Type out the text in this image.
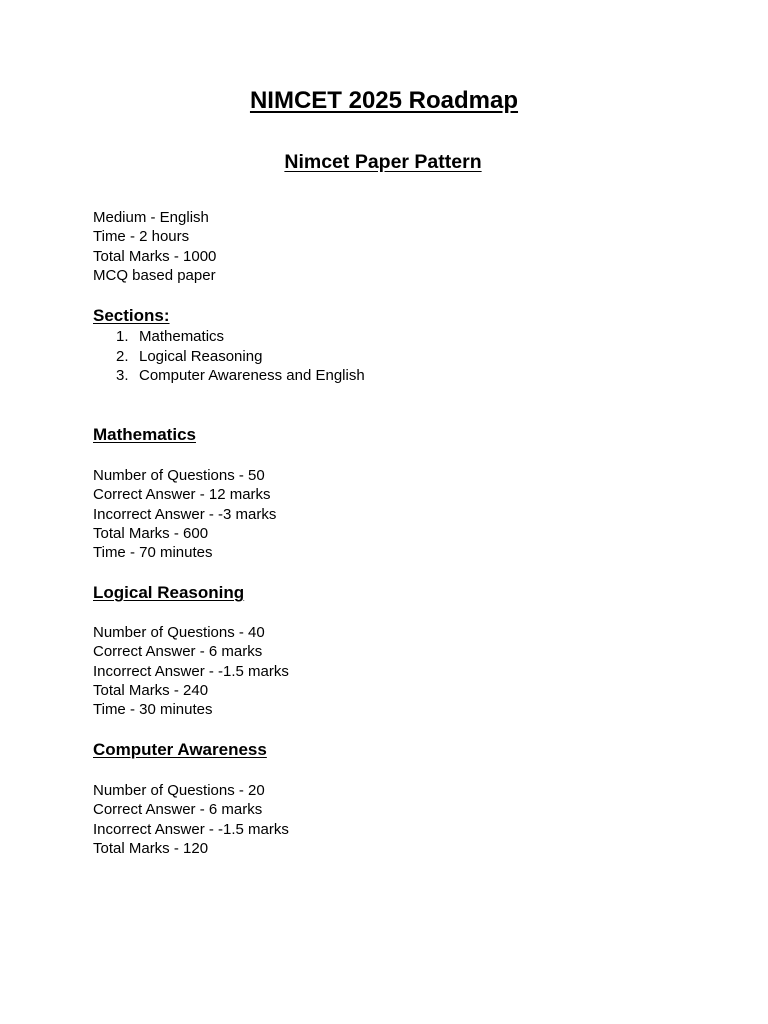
NIMCET 2025 Roadmap
Nimcet Paper Pattern
Medium - English
Time - 2 hours
Total Marks - 1000
MCQ based paper
Sections:
1. Mathematics
2. Logical Reasoning
3. Computer Awareness and English
Mathematics
Number of Questions - 50
Correct Answer - 12 marks
Incorrect Answer - -3 marks
Total Marks - 600
Time - 70 minutes
Logical Reasoning
Number of Questions - 40
Correct Answer - 6 marks
Incorrect Answer - -1.5 marks
Total Marks - 240
Time - 30 minutes
Computer Awareness
Number of Questions - 20
Correct Answer - 6 marks
Incorrect Answer - -1.5 marks
Total Marks - 120
